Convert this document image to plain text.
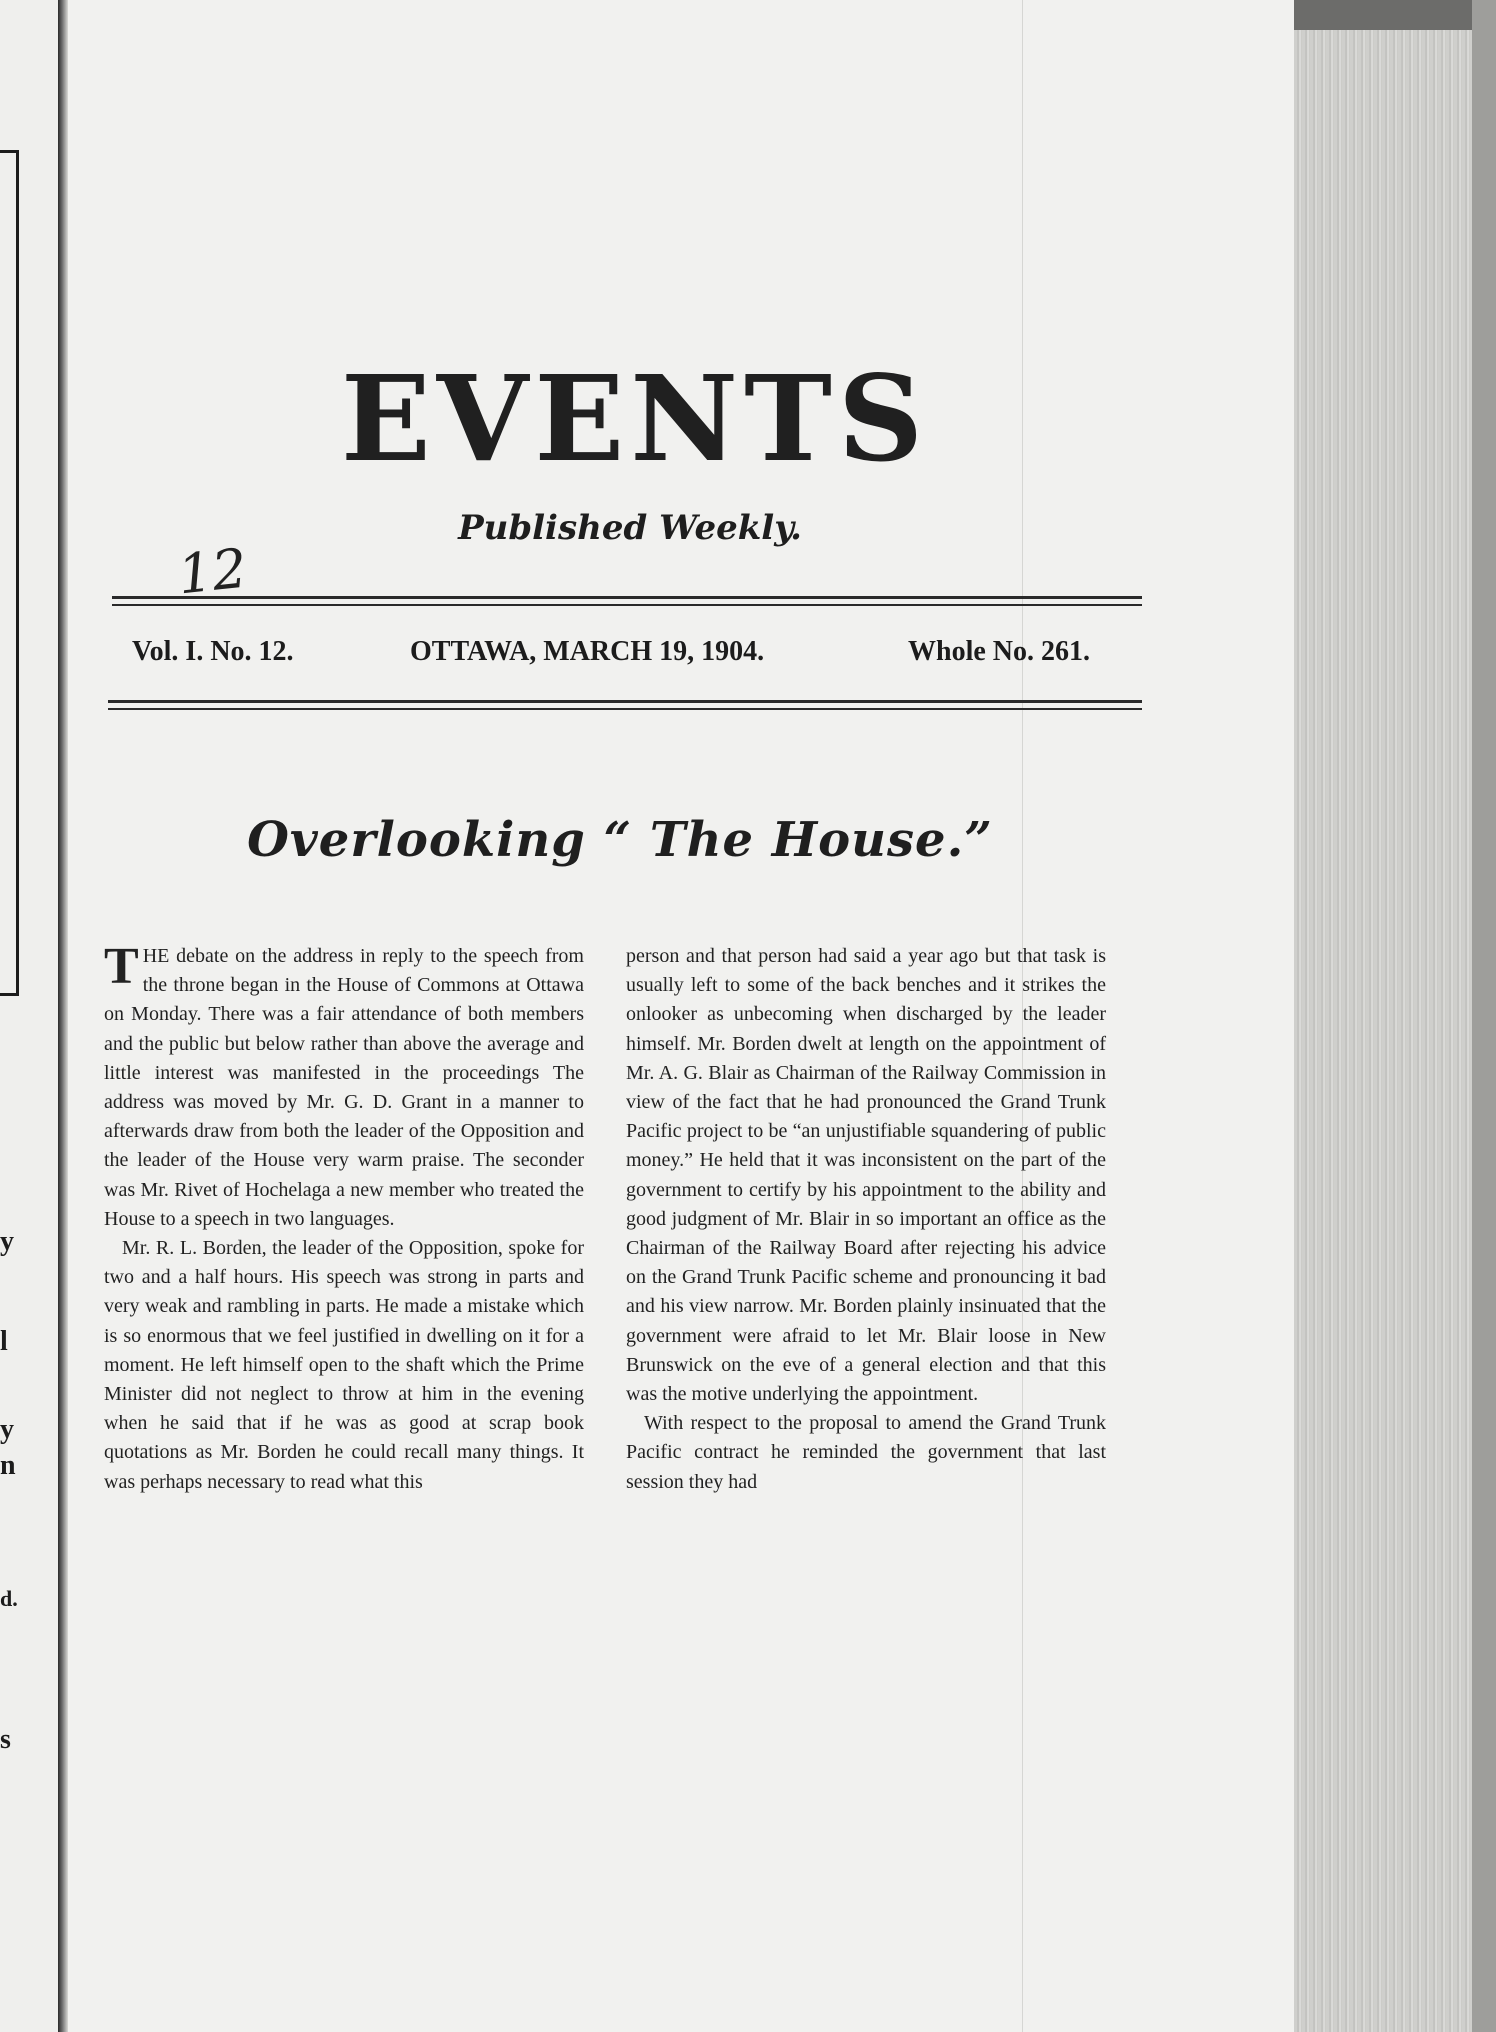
y
l
y
n
d.
s
EVENTS
Published Weekly.
12
Vol. I. No. 12.	OTTAWA, MARCH 19, 1904.	Whole No. 261.
Overlooking “ The House.”

THE debate on the address in reply to the speech from the throne began in the House of Commons at Ottawa on Monday. There was a fair attendance of both members and the public but below rather than above the average and little interest was manifested in the proceedings The address was moved by Mr. G. D. Grant in a manner to afterwards draw from both the leader of the Opposition and the leader of the House very warm praise. The seconder was Mr. Rivet of Hochelaga a new member who treated the House to a speech in two languages.

Mr. R. L. Borden, the leader of the Opposition, spoke for two and a half hours. His speech was strong in parts and very weak and rambling in parts. He made a mistake which is so enormous that we feel justified in dwelling on it for a moment. He left himself open to the shaft which the Prime Minister did not neglect to throw at him in the evening when he said that if he was as good at scrap book quotations as Mr. Borden he could recall many things. It was perhaps necessary to read what this

person and that person had said a year ago but that task is usually left to some of the back benches and it strikes the onlooker as unbecoming when discharged by the leader himself. Mr. Borden dwelt at length on the appointment of Mr. A. G. Blair as Chairman of the Railway Commission in view of the fact that he had pronounced the Grand Trunk Pacific project to be “an unjustifiable squandering of public money.” He held that it was inconsistent on the part of the government to certify by his appointment to the ability and good judgment of Mr. Blair in so important an office as the Chairman of the Railway Board after rejecting his advice on the Grand Trunk Pacific scheme and pronouncing it bad and his view narrow. Mr. Borden plainly insinuated that the government were afraid to let Mr. Blair loose in New Brunswick on the eve of a general election and that this was the motive underlying the appointment.

With respect to the proposal to amend the Grand Trunk Pacific contract he reminded the government that last session they had
